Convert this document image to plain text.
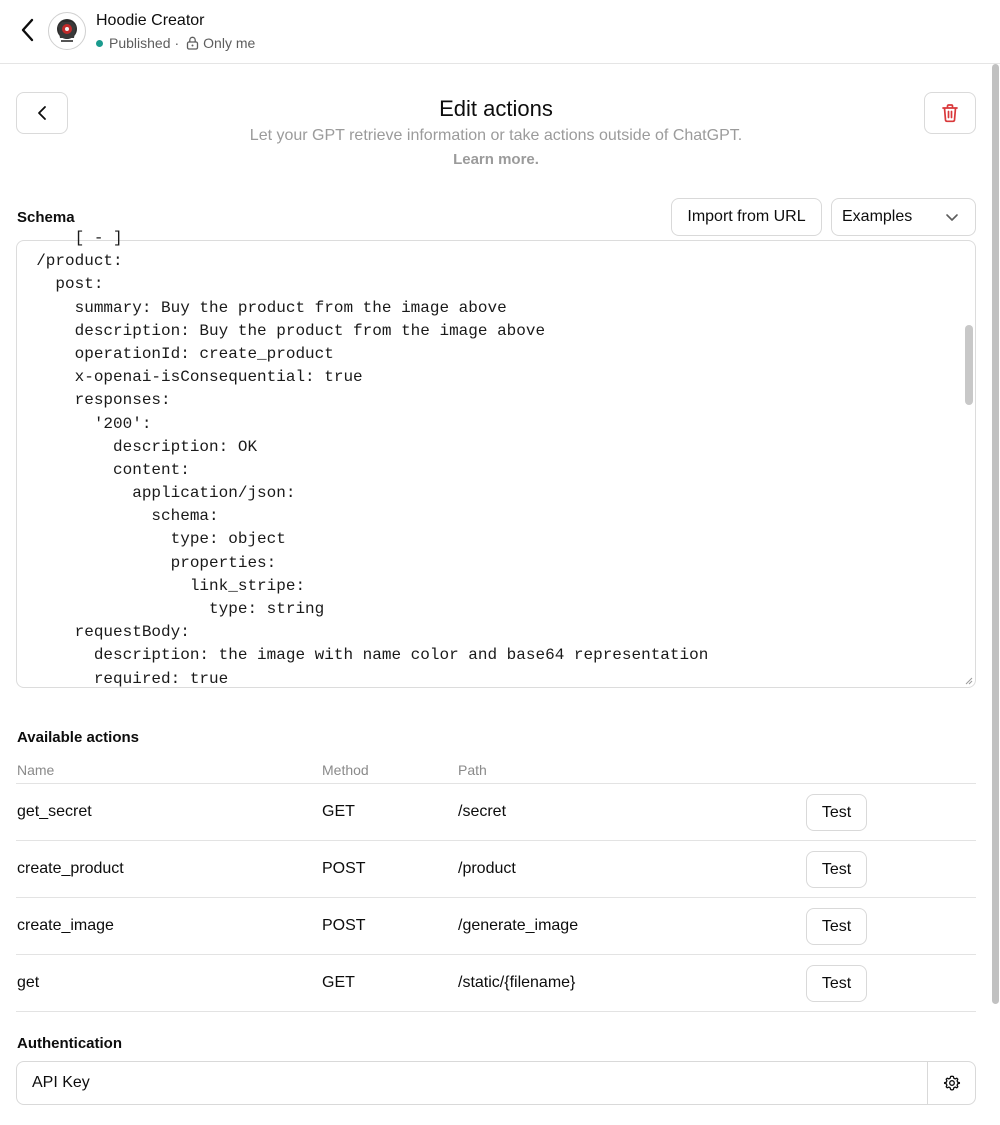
Hoodie Creator
Published · Only me
Edit actions
Let your GPT retrieve information or take actions outside of ChatGPT.
Learn more.
Schema	Import from URL	Examples
[ - ]
/product:
post:
summary: Buy the product from the image above
description: Buy the product from the image above
operationId: create_product
x-openai-isConsequential: true
responses:
'200':
description: OK
content:
application/json:
schema:
type: object
properties:
link_stripe:
type: string
requestBody:
description: the image with name color and base64 representation
required: true
Available actions
Name	Method	Path
get_secret	GET	/secret	Test
create_product	POST	/product	Test
create_image	POST	/generate_image	Test
get	GET	/static/{filename}	Test
Authentication
API Key
